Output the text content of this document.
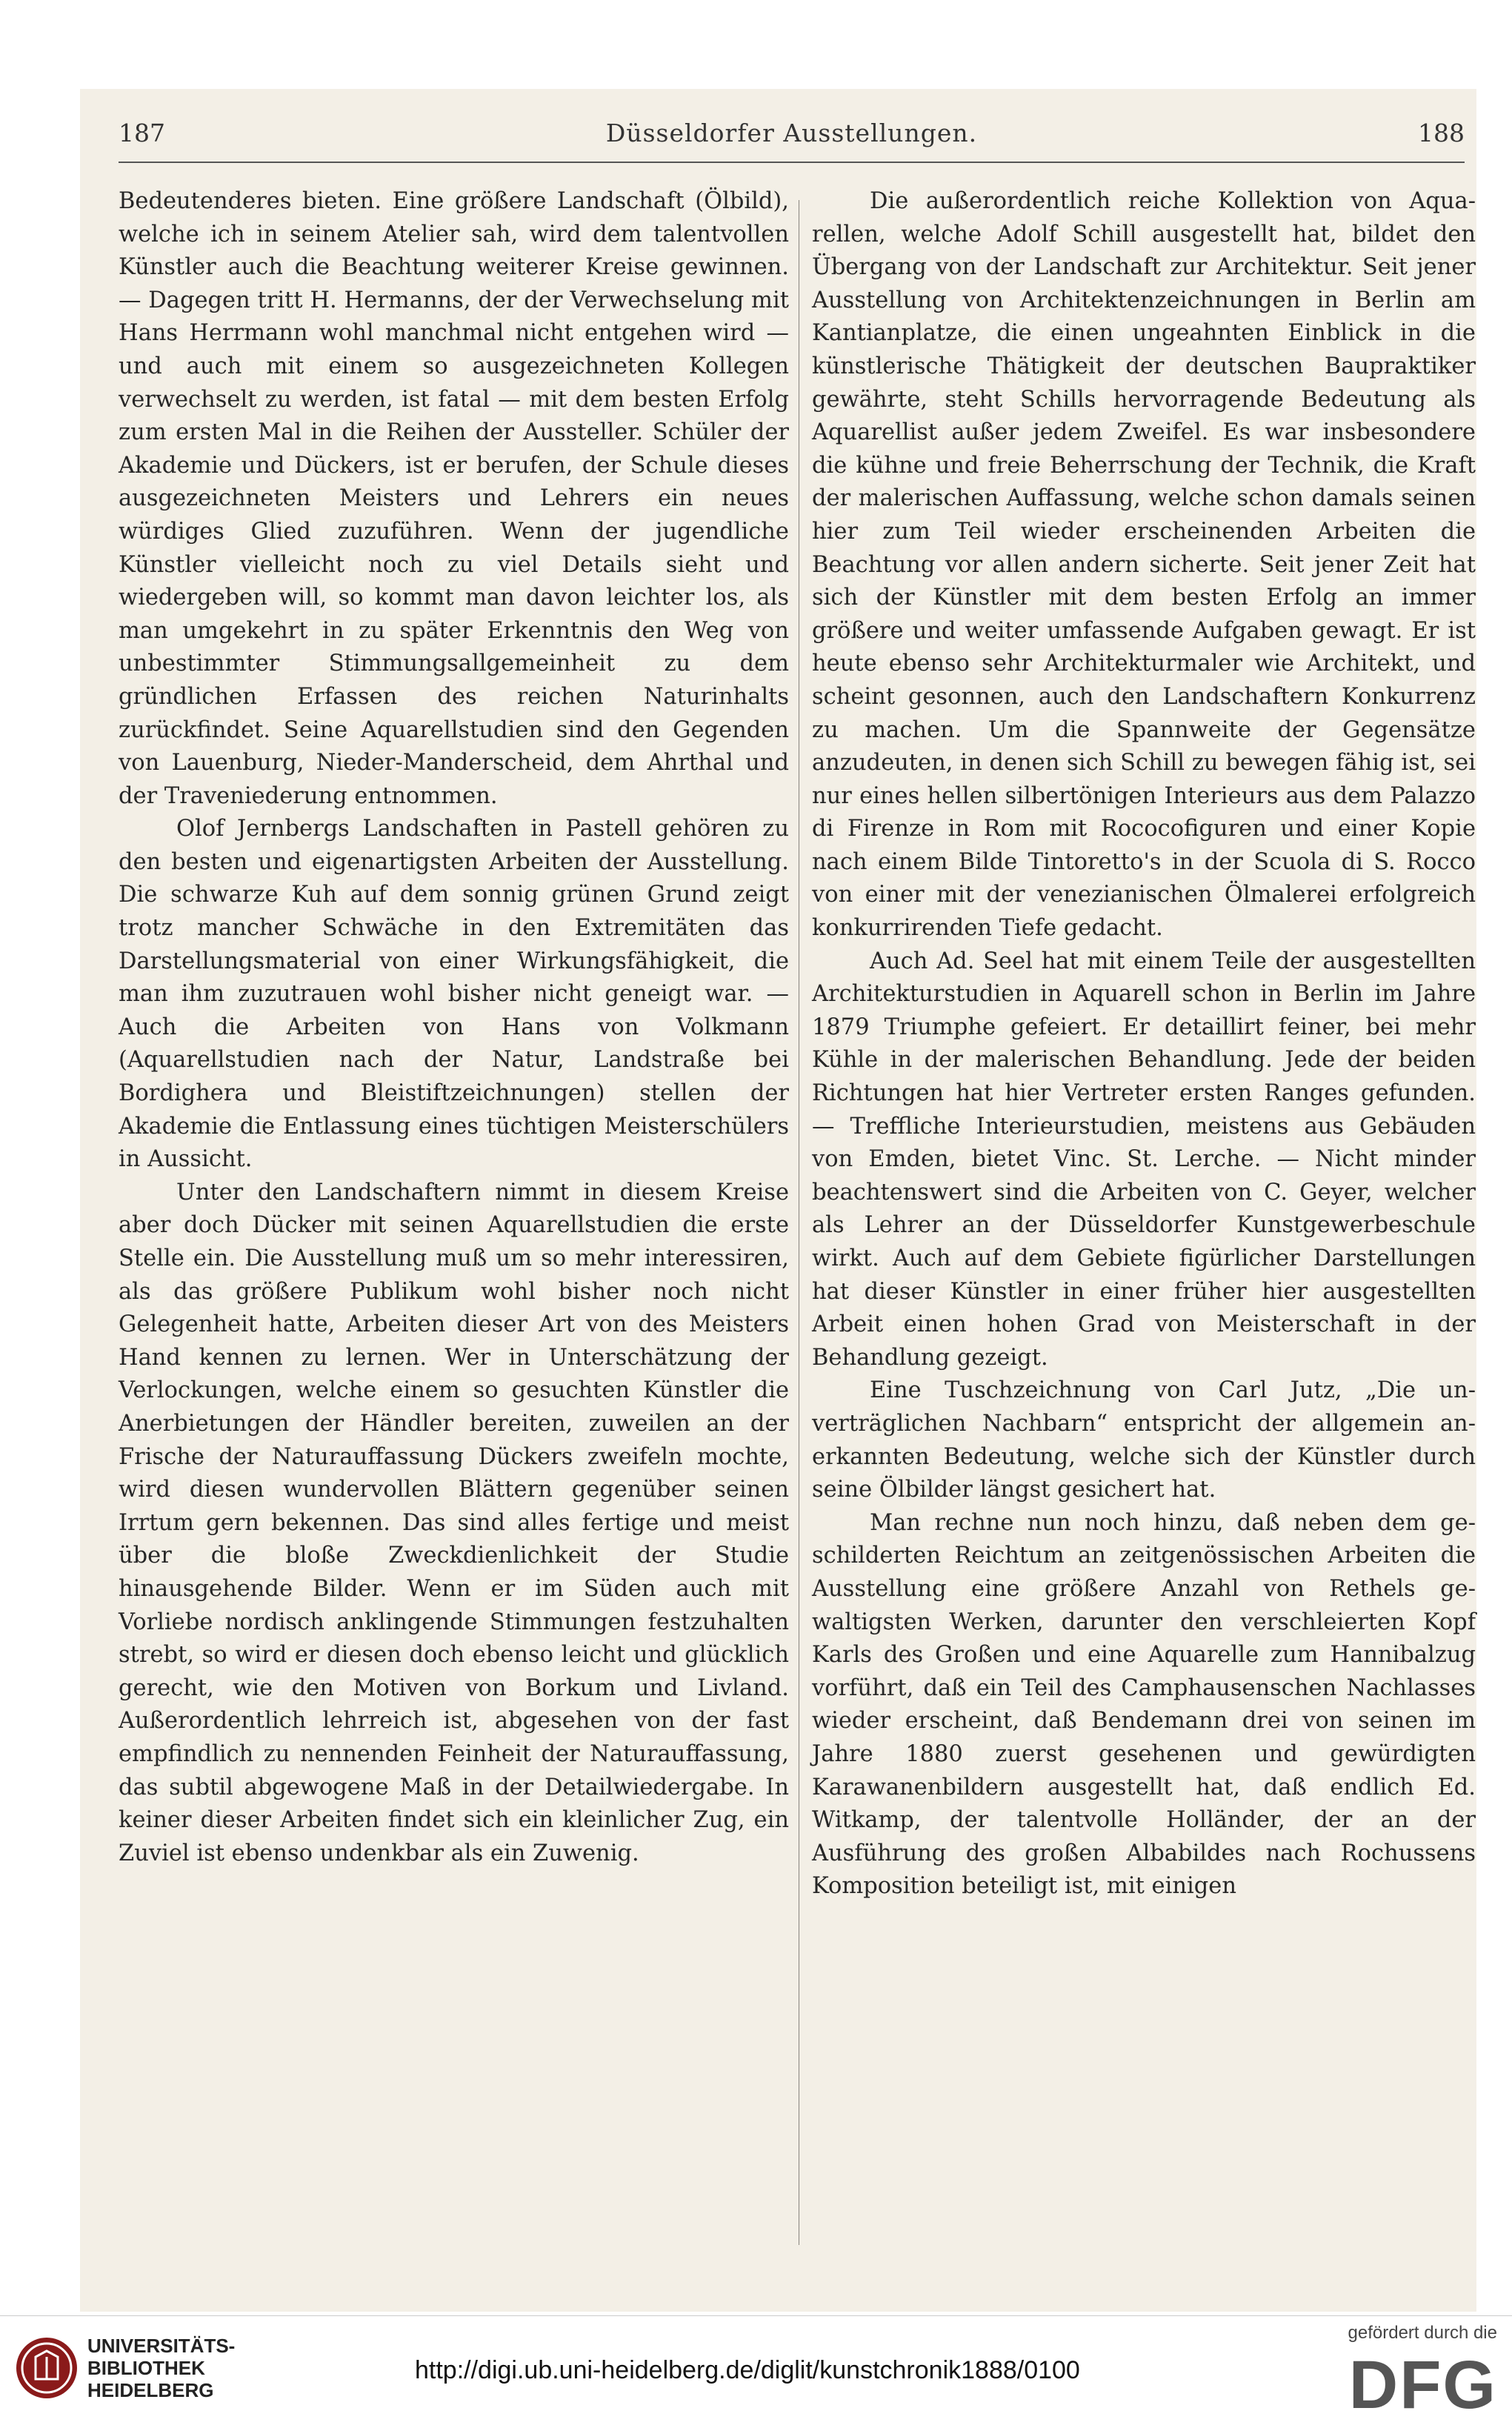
187	Düsseldorfer Ausstellungen.	188

Bedeutenderes bieten. Eine größere Landschaft (Ölbild), welche ich in seinem Atelier sah, wird dem talentvollen Künstler auch die Beachtung weiterer Kreise gewinnen. — Dagegen tritt H. Hermanns, der der Verwechselung mit Hans Herrmann wohl manchmal nicht entgehen wird — und auch mit einem so ausgezeichneten Kollegen verwechselt zu werden, ist fatal — mit dem besten Erfolg zum ersten Mal in die Reihen der Aussteller. Schüler der Akademie und Dückers, ist er berufen, der Schule dieses ausgezeichneten Meisters und Lehrers ein neues würdiges Glied zuzuführen. Wenn der jugendliche Künstler vielleicht noch zu viel Details sieht und wiedergeben will, so kommt man davon leichter los, als man umgekehrt in zu später Erkenntnis den Weg von unbestimmter Stimmungsallgemeinheit zu dem gründlichen Erfassen des reichen Naturinhalts zurückfindet. Seine Aquarellstudien sind den Gegenden von Lauenburg, Nieder-Manderscheid, dem Ahrthal und der Traveniederung entnommen.

Olof Jernbergs Landschaften in Pastell gehören zu den besten und eigenartigsten Arbeiten der Ausstellung. Die schwarze Kuh auf dem sonnig grünen Grund zeigt trotz mancher Schwäche in den Extremitäten das Darstellungsmaterial von einer Wirkungsfähigkeit, die man ihm zuzutrauen wohl bisher nicht geneigt war. — Auch die Arbeiten von Hans von Volkmann (Aquarellstudien nach der Natur, Landstraße bei Bordighera und Bleistiftzeichnungen) stellen der Akademie die Entlassung eines tüchtigen Meisterschülers in Aussicht.

Unter den Landschaftern nimmt in diesem Kreise aber doch Dücker mit seinen Aquarellstudien die erste Stelle ein. Die Ausstellung muß um so mehr interessiren, als das größere Publikum wohl bisher noch nicht Gelegenheit hatte, Arbeiten dieser Art von des Meisters Hand kennen zu lernen. Wer in Unterschätzung der Verlockungen, welche einem so gesuchten Künstler die Anerbietungen der Händler bereiten, zuweilen an der Frische der Naturauffassung Dückers zweifeln mochte, wird diesen wundervollen Blättern gegenüber seinen Irrtum gern bekennen. Das sind alles fertige und meist über die bloße Zweckdienlichkeit der Studie hinausgehende Bilder. Wenn er im Süden auch mit Vorliebe nordisch anklingende Stimmungen festzuhalten strebt, so wird er diesen doch ebenso leicht und glücklich gerecht, wie den Motiven von Borkum und Livland. Außerordentlich lehrreich ist, abgesehen von der fast empfindlich zu nennenden Feinheit der Naturauffassung, das subtil abgewogene Maß in der Detailwiedergabe. In keiner dieser Arbeiten findet sich ein kleinlicher Zug, ein Zuviel ist ebenso undenkbar als ein Zuwenig.

Die außerordentlich reiche Kollektion von Aquarellen, welche Adolf Schill ausgestellt hat, bildet den Übergang von der Landschaft zur Architektur. Seit jener Ausstellung von Architektenzeichnungen in Berlin am Kantianplatze, die einen ungeahnten Einblick in die künstlerische Thätigkeit der deutschen Baupraktiker gewährte, steht Schills hervorragende Bedeutung als Aquarellist außer jedem Zweifel. Es war insbesondere die kühne und freie Beherrschung der Technik, die Kraft der malerischen Auffassung, welche schon damals seinen hier zum Teil wieder erscheinenden Arbeiten die Beachtung vor allen andern sicherte. Seit jener Zeit hat sich der Künstler mit dem besten Erfolg an immer größere und weiter umfassende Aufgaben gewagt. Er ist heute ebenso sehr Architekturmaler wie Architekt, und scheint gesonnen, auch den Landschaftern Konkurrenz zu machen. Um die Spannweite der Gegensätze anzudeuten, in denen sich Schill zu bewegen fähig ist, sei nur eines hellen silbertönigen Interieurs aus dem Palazzo di Firenze in Rom mit Rococofiguren und einer Kopie nach einem Bilde Tintoretto's in der Scuola di S. Rocco von einer mit der venezianischen Ölmalerei erfolgreich konkurrirenden Tiefe gedacht.

Auch Ad. Seel hat mit einem Teile der ausgestellten Architekturstudien in Aquarell schon in Berlin im Jahre 1879 Triumphe gefeiert. Er detaillirt feiner, bei mehr Kühle in der malerischen Behandlung. Jede der beiden Richtungen hat hier Vertreter ersten Ranges gefunden. — Treffliche Interieurstudien, meistens aus Gebäuden von Emden, bietet Vinc. St. Lerche. — Nicht minder beachtenswert sind die Arbeiten von C. Geyer, welcher als Lehrer an der Düsseldorfer Kunstgewerbeschule wirkt. Auch auf dem Gebiete figürlicher Darstellungen hat dieser Künstler in einer früher hier ausgestellten Arbeit einen hohen Grad von Meisterschaft in der Behandlung gezeigt.

Eine Tuschzeichnung von Carl Jutz, „Die unverträglichen Nachbarn“ entspricht der allgemein anerkannten Bedeutung, welche sich der Künstler durch seine Ölbilder längst gesichert hat.

Man rechne nun noch hinzu, daß neben dem geschilderten Reichtum an zeitgenössischen Arbeiten die Ausstellung eine größere Anzahl von Rethels gewaltigsten Werken, darunter den verschleierten Kopf Karls des Großen und eine Aquarelle zum Hannibalzug vorführt, daß ein Teil des Camphausenschen Nachlasses wieder erscheint, daß Bendemann drei von seinen im Jahre 1880 zuerst gesehenen und gewürdigten Karawanenbildern ausgestellt hat, daß endlich Ed. Witkamp, der talentvolle Holländer, der an der Ausführung des großen Albabildes nach Rochussens Komposition beteiligt ist, mit einigen

UNIVERSITÄTS-
BIBLIOTHEK
HEIDELBERG
http://digi.ub.uni-heidelberg.de/diglit/kunstchronik1888/0100
gefördert durch die
DFG
